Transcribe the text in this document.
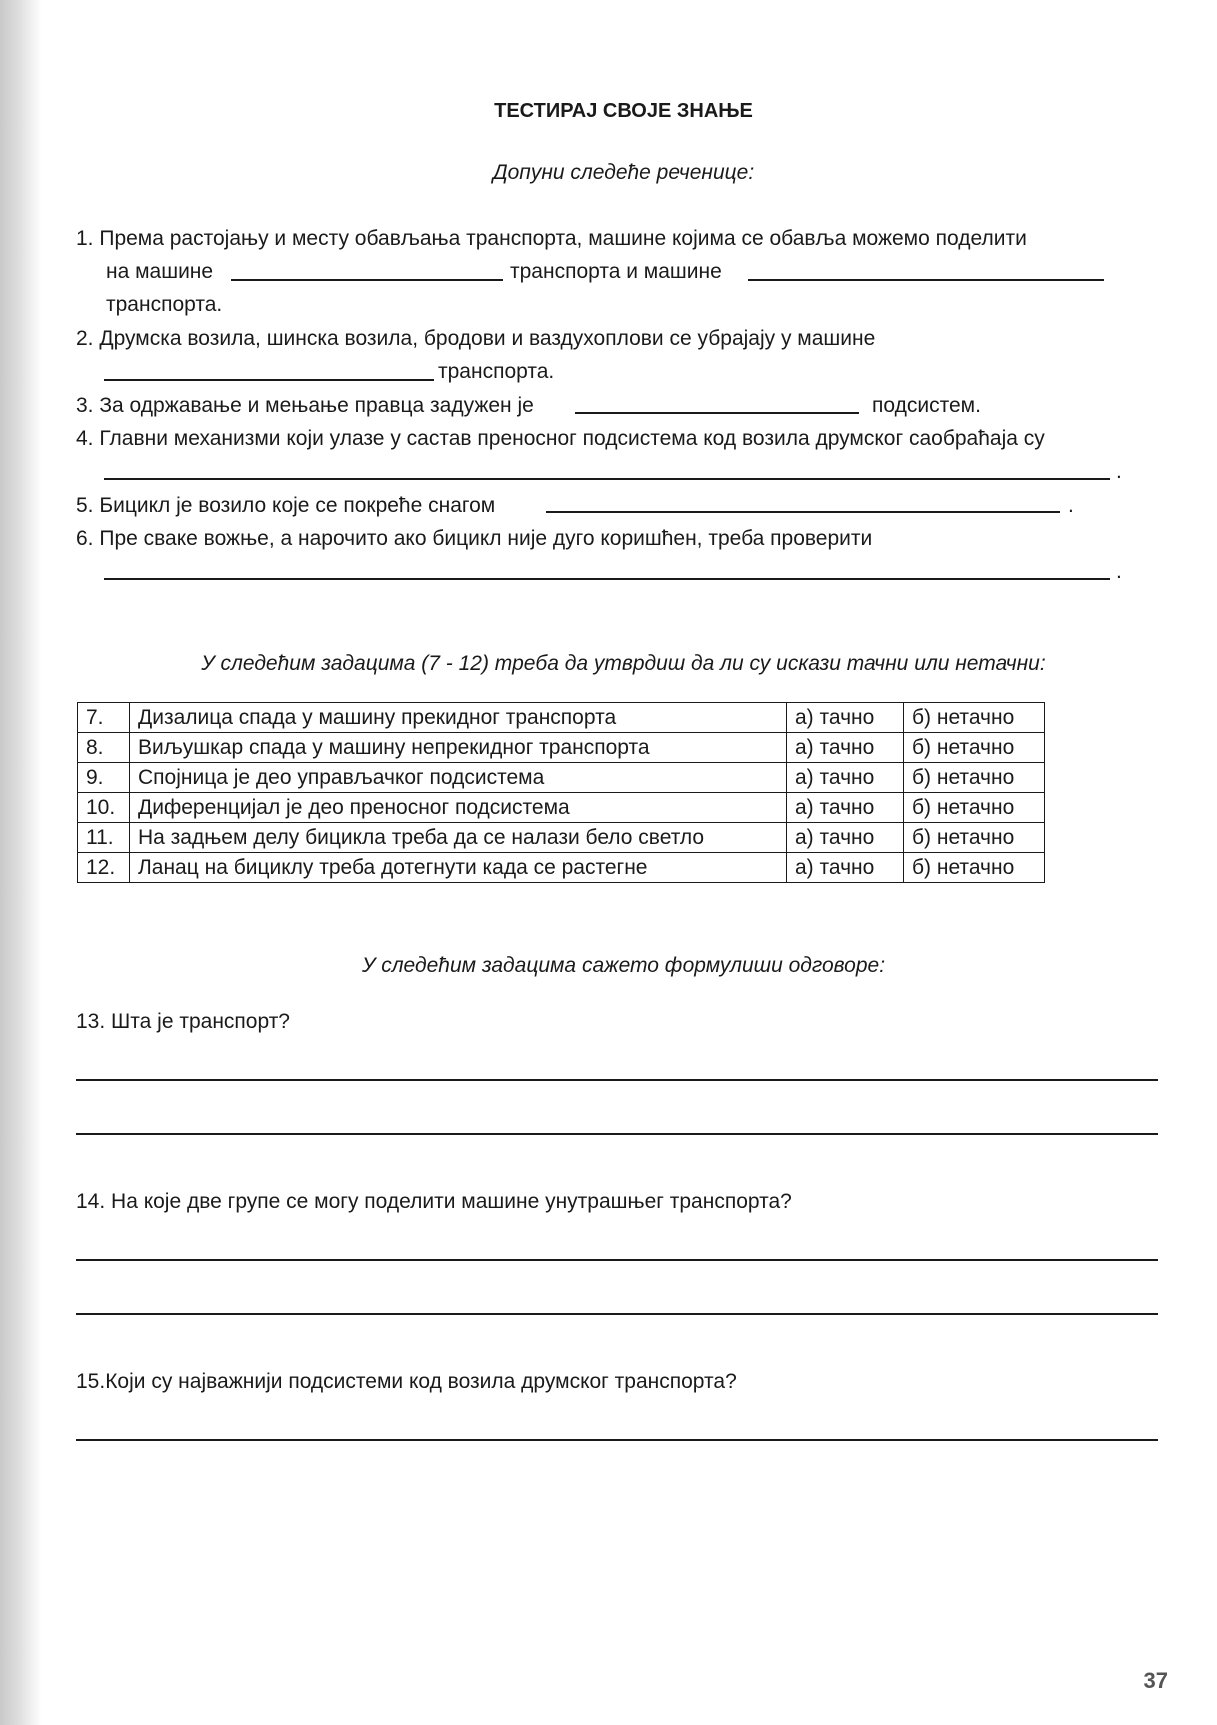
ТЕСТИРАЈ СВОЈЕ ЗНАЊЕ
Допуни следеће реченице:
1. Према растојању и месту обављања транспорта, машине којима се обавља можемо поделити
на машине	транспорта и машине
транспорта.
2. Друмска возила, шинска возила, бродови и ваздухоплови се убрајају у машине
транспорта.
3. За одржавање и мењање правца задужен је	подсистем.
4. Главни механизми који улазе у састав преносног подсистема код возила друмског саобраћаја су
.
5. Бицикл је возило које се покреће снагом	.
6. Пре сваке вожње, а нарочито ако бицикл није дуго коришћен, треба проверити
.
У следећим задацима (7 - 12) треба да утврдиш да ли су искази тачни или нетачни:
7.	Дизалица спада у машину прекидног транспорта	а) тачно	б) нетачно
8.	Виљушкар спада у машину непрекидног транспорта	а) тачно	б) нетачно
9.	Спојница је део управљачког подсистема	а) тачно	б) нетачно
10.	Диференцијал је део преносног подсистема	а) тачно	б) нетачно
11.	На задњем делу бицикла треба да се налази бело светло	а) тачно	б) нетачно
12.	Ланац на бициклу треба дотегнути када се растегне	а) тачно	б) нетачно
У следећим задацима сажето формулиши одговоре:
13. Шта је транспорт?
14. На које две групе се могу поделити машине унутрашњег транспорта?
15.Који су најважнији подсистеми код возила друмског транспорта?
37
